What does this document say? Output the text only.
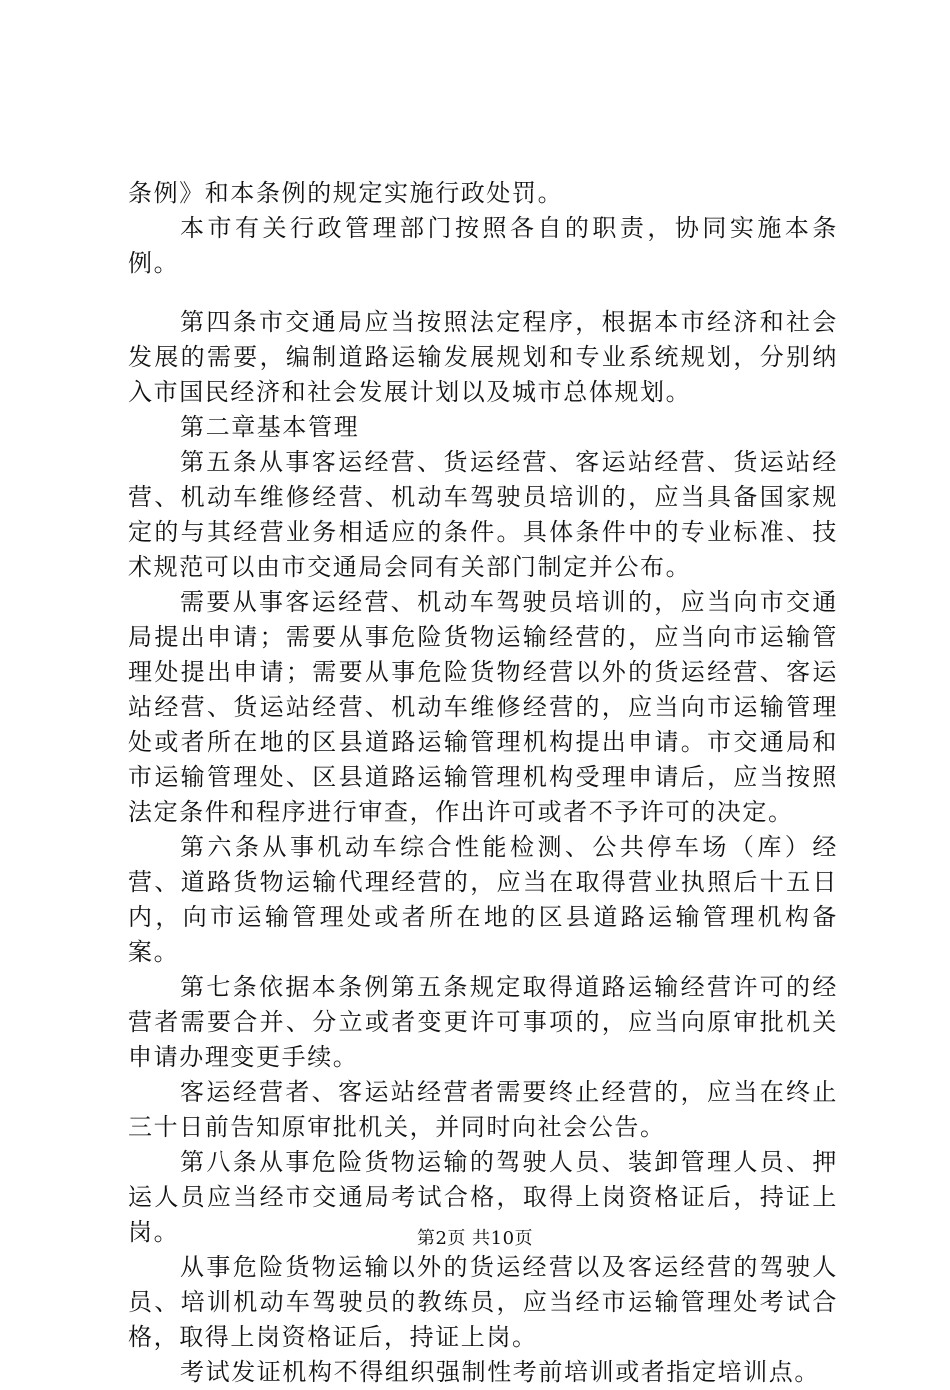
条例》和本条例的规定实施行政处罚。

本市有关行政管理部门按照各自的职责，协同实施本条例。

第四条市交通局应当按照法定程序，根据本市经济和社会发展的需要，编制道路运输发展规划和专业系统规划，分别纳入市国民经济和社会发展计划以及城市总体规划。

第二章基本管理

第五条从事客运经营、货运经营、客运站经营、货运站经营、机动车维修经营、机动车驾驶员培训的，应当具备国家规定的与其经营业务相适应的条件。具体条件中的专业标准、技术规范可以由市交通局会同有关部门制定并公布。

需要从事客运经营、机动车驾驶员培训的，应当向市交通局提出申请；需要从事危险货物运输经营的，应当向市运输管理处提出申请；需要从事危险货物经营以外的货运经营、客运站经营、货运站经营、机动车维修经营的，应当向市运输管理处或者所在地的区县道路运输管理机构提出申请。市交通局和市运输管理处、区县道路运输管理机构受理申请后，应当按照法定条件和程序进行审查，作出许可或者不予许可的决定。

第六条从事机动车综合性能检测、公共停车场（库）经营、道路货物运输代理经营的，应当在取得营业执照后十五日内，向市运输管理处或者所在地的区县道路运输管理机构备案。

第七条依据本条例第五条规定取得道路运输经营许可的经营者需要合并、分立或者变更许可事项的，应当向原审批机关申请办理变更手续。

客运经营者、客运站经营者需要终止经营的，应当在终止三十日前告知原审批机关，并同时向社会公告。

第八条从事危险货物运输的驾驶人员、装卸管理人员、押运人员应当经市交通局考试合格，取得上岗资格证后，持证上岗。

从事危险货物运输以外的货运经营以及客运经营的驾驶人员、培训机动车驾驶员的教练员，应当经市运输管理处考试合格，取得上岗资格证后，持证上岗。

考试发证机构不得组织强制性考前培训或者指定培训点。

第2页 共10页
